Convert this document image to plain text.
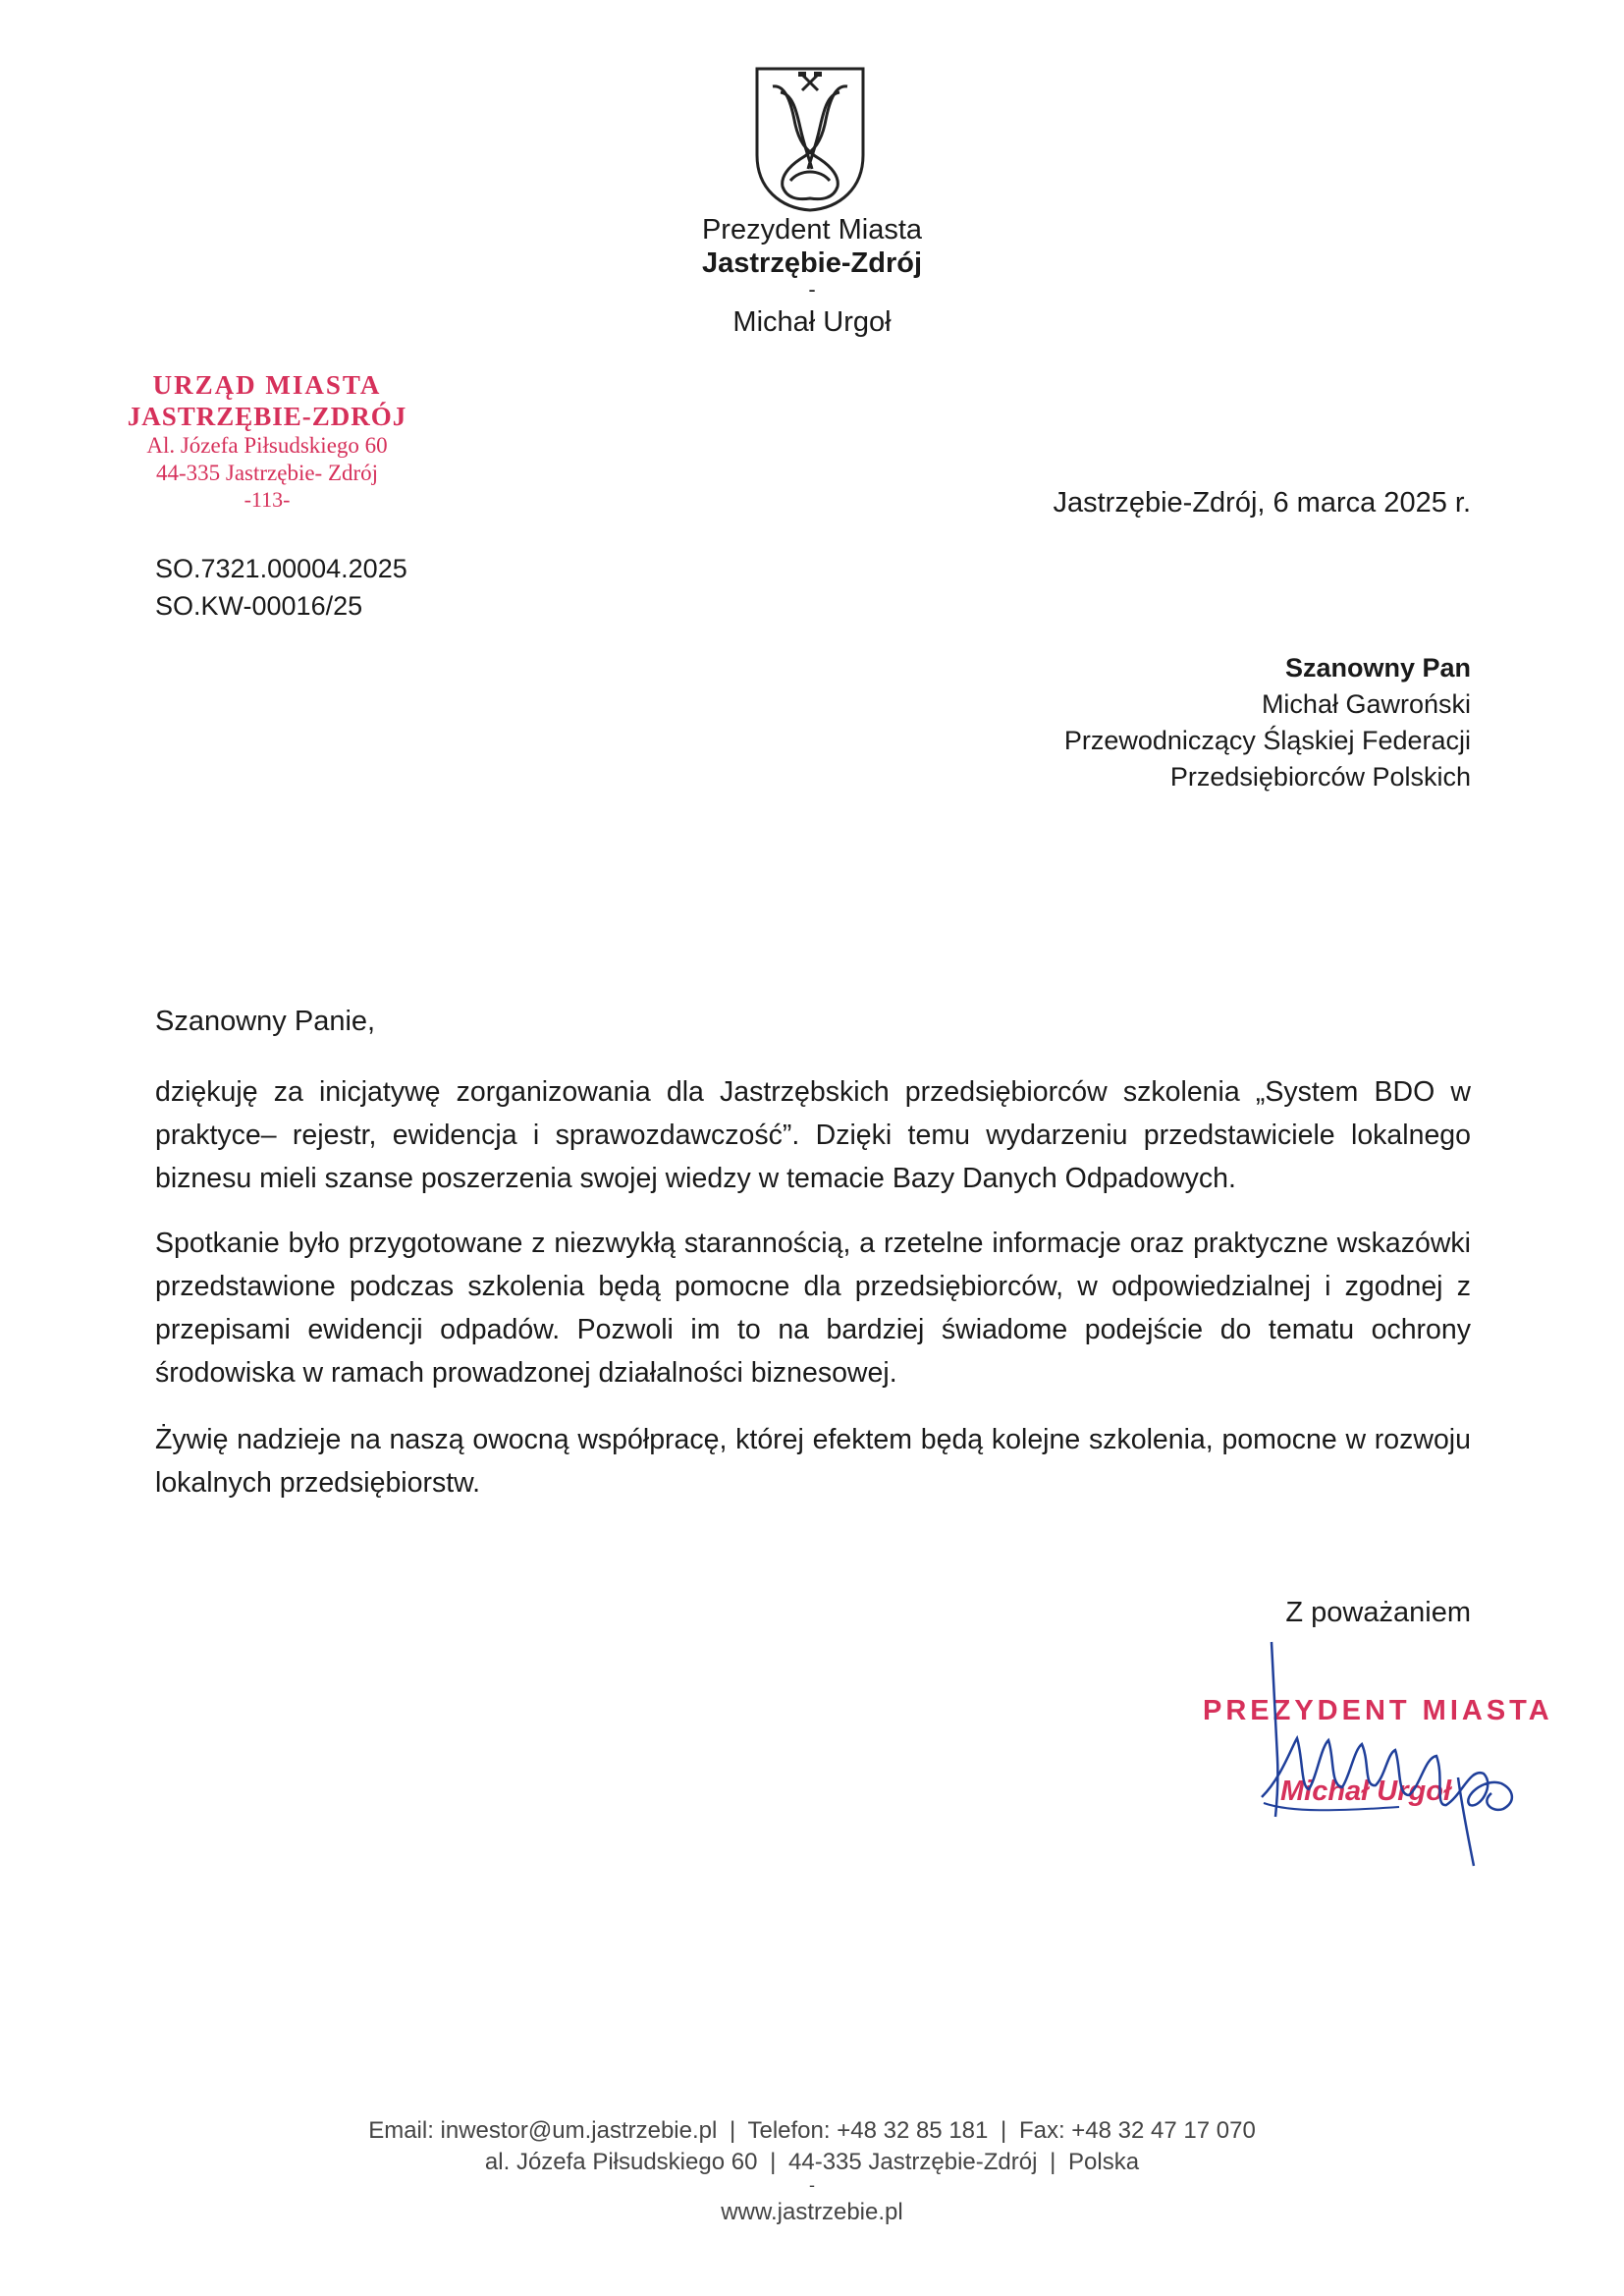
Prezydent Miasta
Jastrzębie-Zdrój
-
Michał Urgoł
URZĄD MIASTA
JASTRZĘBIE-ZDRÓJ
Al. Józefa Piłsudskiego 60
44-335 Jastrzębie- Zdrój
-113-	Jastrzębie-Zdrój, 6 marca 2025 r.
SO.7321.00004.2025
SO.KW-00016/25
Szanowny Pan
Michał Gawroński
Przewodniczący Śląskiej Federacji
Przedsiębiorców Polskich
Szanowny Panie,
dziękuję za inicjatywę zorganizowania dla Jastrzębskich przedsiębiorców szkolenia „System BDO w praktyce– rejestr, ewidencja i sprawozdawczość”. Dzięki temu wydarzeniu przedstawiciele lokalnego biznesu mieli szanse poszerzenia swojej wiedzy w temacie Bazy Danych Odpadowych.
Spotkanie było przygotowane z niezwykłą starannością, a rzetelne informacje oraz praktyczne wskazówki przedstawione podczas szkolenia będą pomocne dla przedsiębiorców, w odpowiedzialnej i zgodnej z przepisami ewidencji odpadów. Pozwoli im to na bardziej świadome podejście do tematu ochrony środowiska w ramach prowadzonej działalności biznesowej.
Żywię nadzieje na naszą owocną współpracę, której efektem będą kolejne szkolenia, pomocne w rozwoju lokalnych przedsiębiorstw.
Z poważaniem
PREZYDENT MIASTA
Michał Urgoł
Email: inwestor@um.jastrzebie.pl | Telefon: +48 32 85 181 | Fax: +48 32 47 17 070
al. Józefa Piłsudskiego 60 | 44-335 Jastrzębie-Zdrój | Polska
-
www.jastrzebie.pl
